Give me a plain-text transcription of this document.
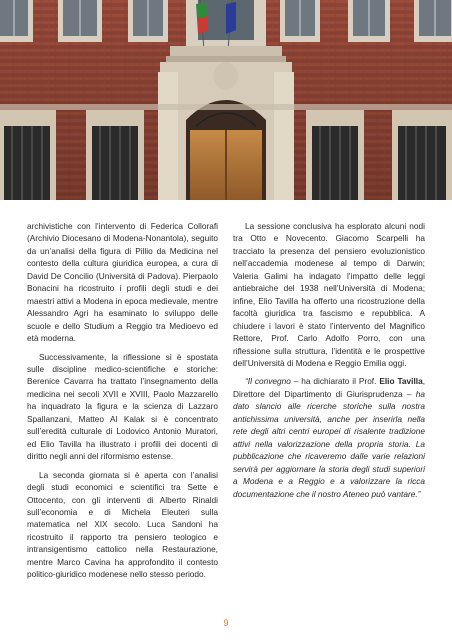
archivistiche con l’intervento di Federica Collorafi (Archivio Diocesano di Modena-Nonantola), seguito da un’analisi della figura di Pillio da Medicina nel contesto della cultura giuridica europea, a cura di David De Concilio (Università di Padova). Pierpaolo Bonacini ha ricostruito i profili degli studi e dei maestri attivi a Modena in epoca medievale, mentre Alessandro Agri ha esaminato lo sviluppo delle scuole e dello Studium a Reggio tra Medioevo ed età moderna.

Successivamente, la riflessione si è spostata sulle discipline medico-scientifiche e storiche: Berenice Cavarra ha trattato l’insegnamento della medicina nei secoli XVII e XVIII, Paolo Mazzarello ha inquadrato la figura e la scienza di Lazzaro Spallanzani, Matteo Al Kalak si è concentrato sull’eredità culturale di Lodovico Antonio Muratori, ed Elio Tavilla ha illustrato i profili dei docenti di diritto negli anni del riformismo estense.

La seconda giornata si è aperta con l’analisi degli studi economici e scientifici tra Sette e Ottocento, con gli interventi di Alberto Rinaldi sull’economia e di Michela Eleuteri sulla matematica nel XIX secolo. Luca Sandoni ha ricostruito il rapporto tra pensiero teologico e intransigentismo cattolico nella Restaurazione, mentre Marco Cavina ha approfondito il contesto politico-giuridico modenese nello stesso periodo.

La sessione conclusiva ha esplorato alcuni nodi tra Otto e Novecento. Giacomo Scarpelli ha tracciato la presenza del pensiero evoluzionistico nell’accademia modenese al tempo di Darwin; Valeria Galimi ha indagato l’impatto delle leggi antiebraiche del 1938 nell’Università di Modena; infine, Elio Tavilla ha offerto una ricostruzione della facoltà giuridica tra fascismo e repubblica. A chiudere i lavori è stato l’intervento del Magnifico Rettore, Prof. Carlo Adolfo Porro, con una riflessione sulla struttura, l’identità e le prospettive dell’Università di Modena e Reggio Emilia oggi.

“Il convegno – ha dichiarato il Prof. Elio Tavilla, Direttore del Dipartimento di Giurisprudenza – ha dato slancio alle ricerche storiche sulla nostra antichissima università, anche per inserirla nella rete degli altri centri europei di risalente tradizione attivi nella valorizzazione della propria storia. La pubblicazione che ricaveremo dalle varie relazioni servirà per aggiornare la storia degli studi superiori a Modena e a Reggio e a valorizzare la ricca documentazione che il nostro Ateneo può vantare.”

9
